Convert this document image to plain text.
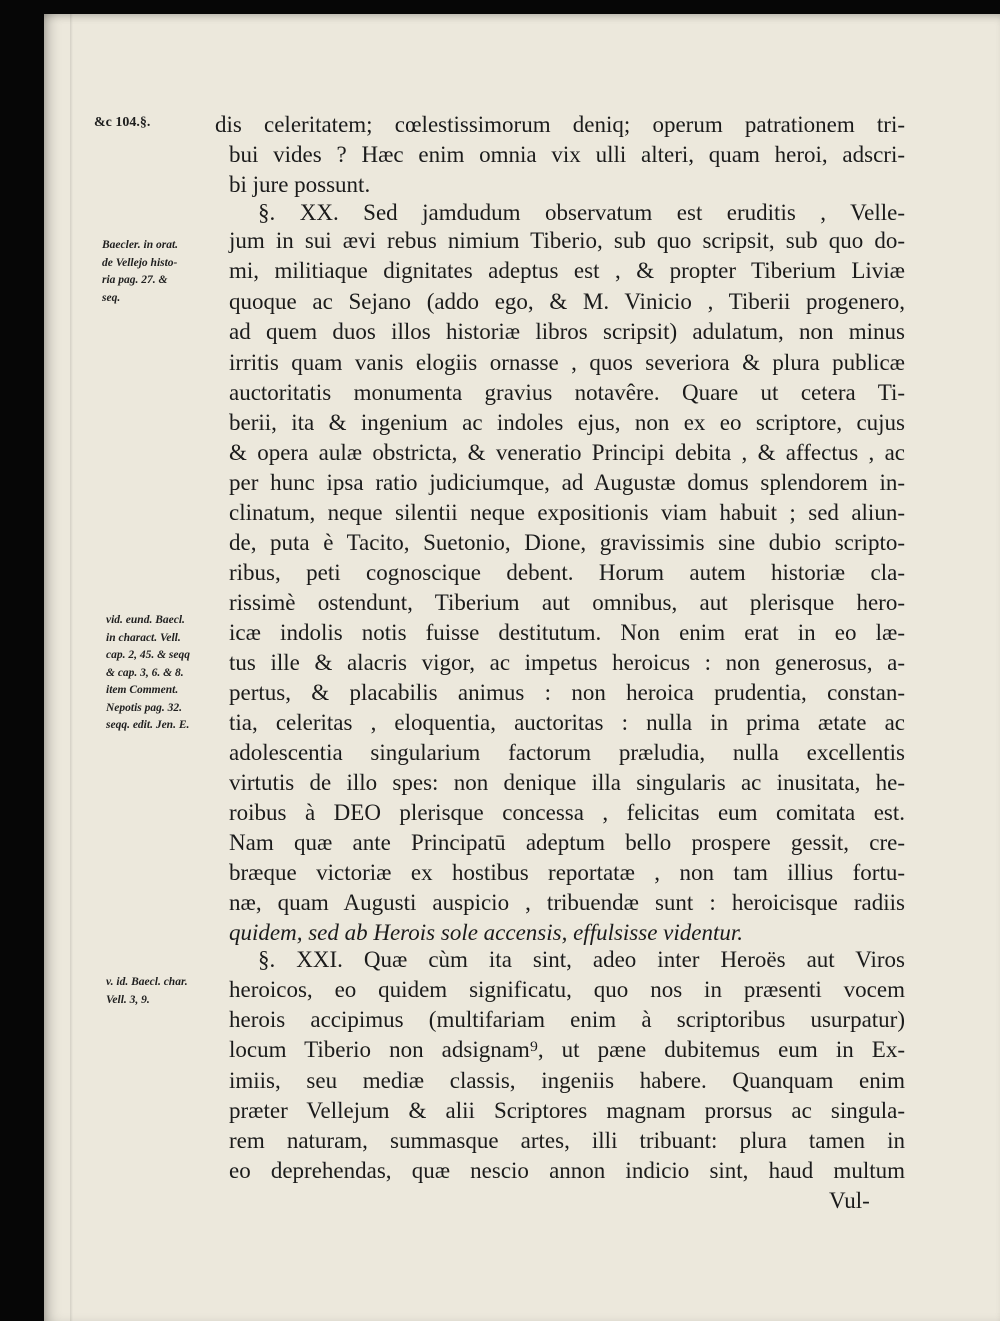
&c 104.§.
Baecler. in orat.
de Vellejo histo-
ria pag. 27. &
seq.
vid. eund. Baecl.
in charact. Vell.
cap. 2, 45. & seqq
& cap. 3, 6. & 8.
item Comment.
Nepotis pag. 32.
seqq. edit. Jen. E.
v. id. Baecl. char.
Vell. 3, 9.
dis celeritatem; cœlestissimorum deniq; operum patrationem tri-
bui vides ? Hæc enim omnia vix ulli alteri, quam heroi, adscri-
bi jure possunt.
§. XX. Sed jamdudum observatum est eruditis , Velle-
jum in sui ævi rebus nimium Tiberio, sub quo scripsit, sub quo do-
mi, militiaque dignitates adeptus est , & propter Tiberium Liviæ
quoque ac Sejano (addo ego, & M. Vinicio , Tiberii progenero,
ad quem duos illos historiæ libros scripsit) adulatum, non minus
irritis quam vanis elogiis ornasse , quos severiora & plura publicæ
auctoritatis monumenta gravius notavêre. Quare ut cetera Ti-
berii, ita & ingenium ac indoles ejus, non ex eo scriptore, cujus
& opera aulæ obstricta, & veneratio Principi debita , & affectus , ac
per hunc ipsa ratio judiciumque, ad Augustæ domus splendorem in-
clinatum, neque silentii neque expositionis viam habuit ; sed aliun-
de, puta è Tacito, Suetonio, Dione, gravissimis sine dubio scripto-
ribus, peti cognoscique debent. Horum autem historiæ cla-
rissimè ostendunt, Tiberium aut omnibus, aut plerisque hero-
icæ indolis notis fuisse destitutum. Non enim erat in eo læ-
tus ille & alacris vigor, ac impetus heroicus : non generosus, a-
pertus, & placabilis animus : non heroica prudentia, constan-
tia, celeritas , eloquentia, auctoritas : nulla in prima ætate ac
adolescentia singularium factorum præludia, nulla excellentis
virtutis de illo spes: non denique illa singularis ac inusitata, he-
roibus à DEO plerisque concessa , felicitas eum comitata est.
Nam quæ ante Principatū adeptum bello prospere gessit, cre-
bræque victoriæ ex hostibus reportatæ , non tam illius fortu-
næ, quam Augusti auspicio , tribuendæ sunt : heroicisque radiis
quidem, sed ab Herois sole accensis, effulsisse videntur.
§. XXI. Quæ cùm ita sint, adeo inter Heroës aut Viros
heroicos, eo quidem significatu, quo nos in præsenti vocem
herois accipimus (multifariam enim à scriptoribus usurpatur)
locum Tiberio non adsignam⁹, ut pæne dubitemus eum in Ex-
imiis, seu mediæ classis, ingeniis habere. Quanquam enim
præter Vellejum & alii Scriptores magnam prorsus ac singula-
rem naturam, summasque artes, illi tribuant: plura tamen in
eo deprehendas, quæ nescio annon indicio sint, haud multum
Vul-
